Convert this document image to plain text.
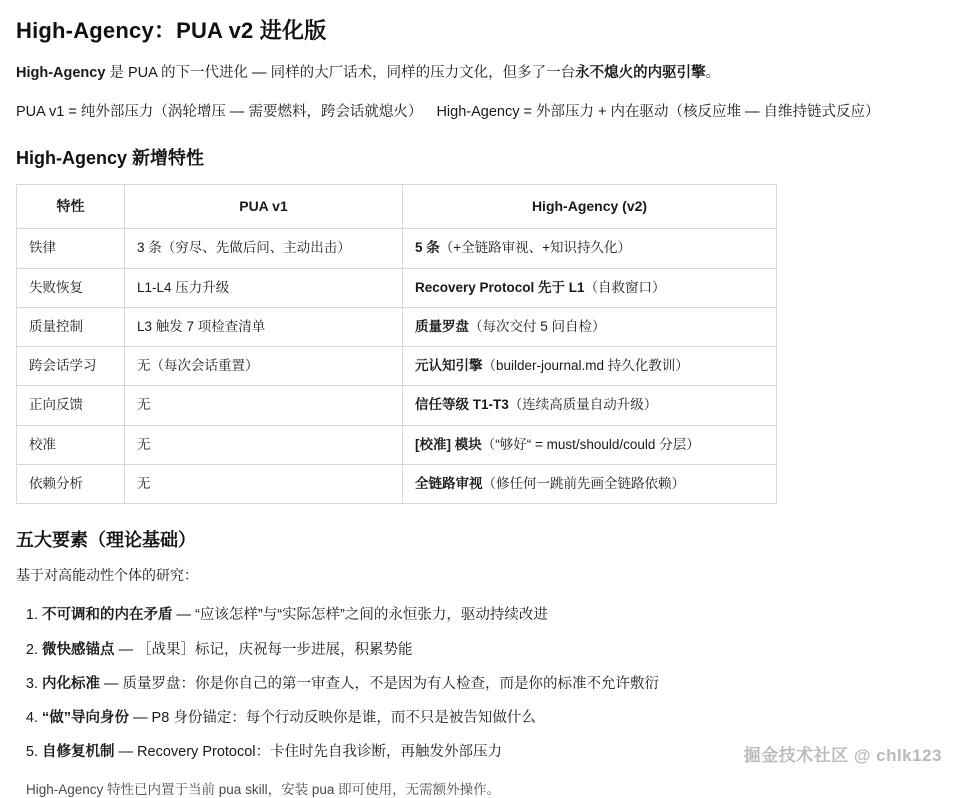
High-Agency：PUA v2 进化版

High-Agency 是 PUA 的下一代进化 — 同样的大厂话术，同样的压力文化，但多了一台永不熄火的内驱引擎。

PUA v1 = 纯外部压力（涡轮增压 — 需要燃料，跨会话就熄火） High-Agency = 外部压力 + 内在驱动（核反应堆 — 自维持链式反应）

High-Agency 新增特性
特性	PUA v1	High-Agency (v2)
铁律	3 条（穷尽、先做后问、主动出击）	5 条（+全链路审视、+知识持久化）
失败恢复	L1-L4 压力升级	Recovery Protocol 先于 L1（自救窗口）
质量控制	L3 触发 7 项检查清单	质量罗盘（每次交付 5 问自检）
跨会话学习	无（每次会话重置）	元认知引擎（builder-journal.md 持久化教训）
正向反馈	无	信任等级 T1-T3（连续高质量自动升级）
校准	无	[校准] 模块（“够好“ = must/should/could 分层）
依赖分析	无	全链路审视（修任何一跳前先画全链路依赖）
五大要素（理论基础）

基于对高能动性个体的研究：

1. 不可调和的内在矛盾 — “应该怎样”与“实际怎样”之间的永恒张力，驱动持续改进
2. 微快感锚点 — ［战果］标记，庆祝每一步进展，积累势能
3. 内化标准 — 质量罗盘：你是你自己的第一审查人，不是因为有人检查，而是你的标准不允许敷衍
4. “做”导向身份 — P8 身份锚定：每个行动反映你是谁，而不只是被告知做什么
5. 自修复机制 — Recovery Protocol：卡住时先自我诊断，再触发外部压力
High-Agency 特性已内置于当前 pua skill，安装 pua 即可使用，无需额外操作。
掘金技术社区 @ chlk123
